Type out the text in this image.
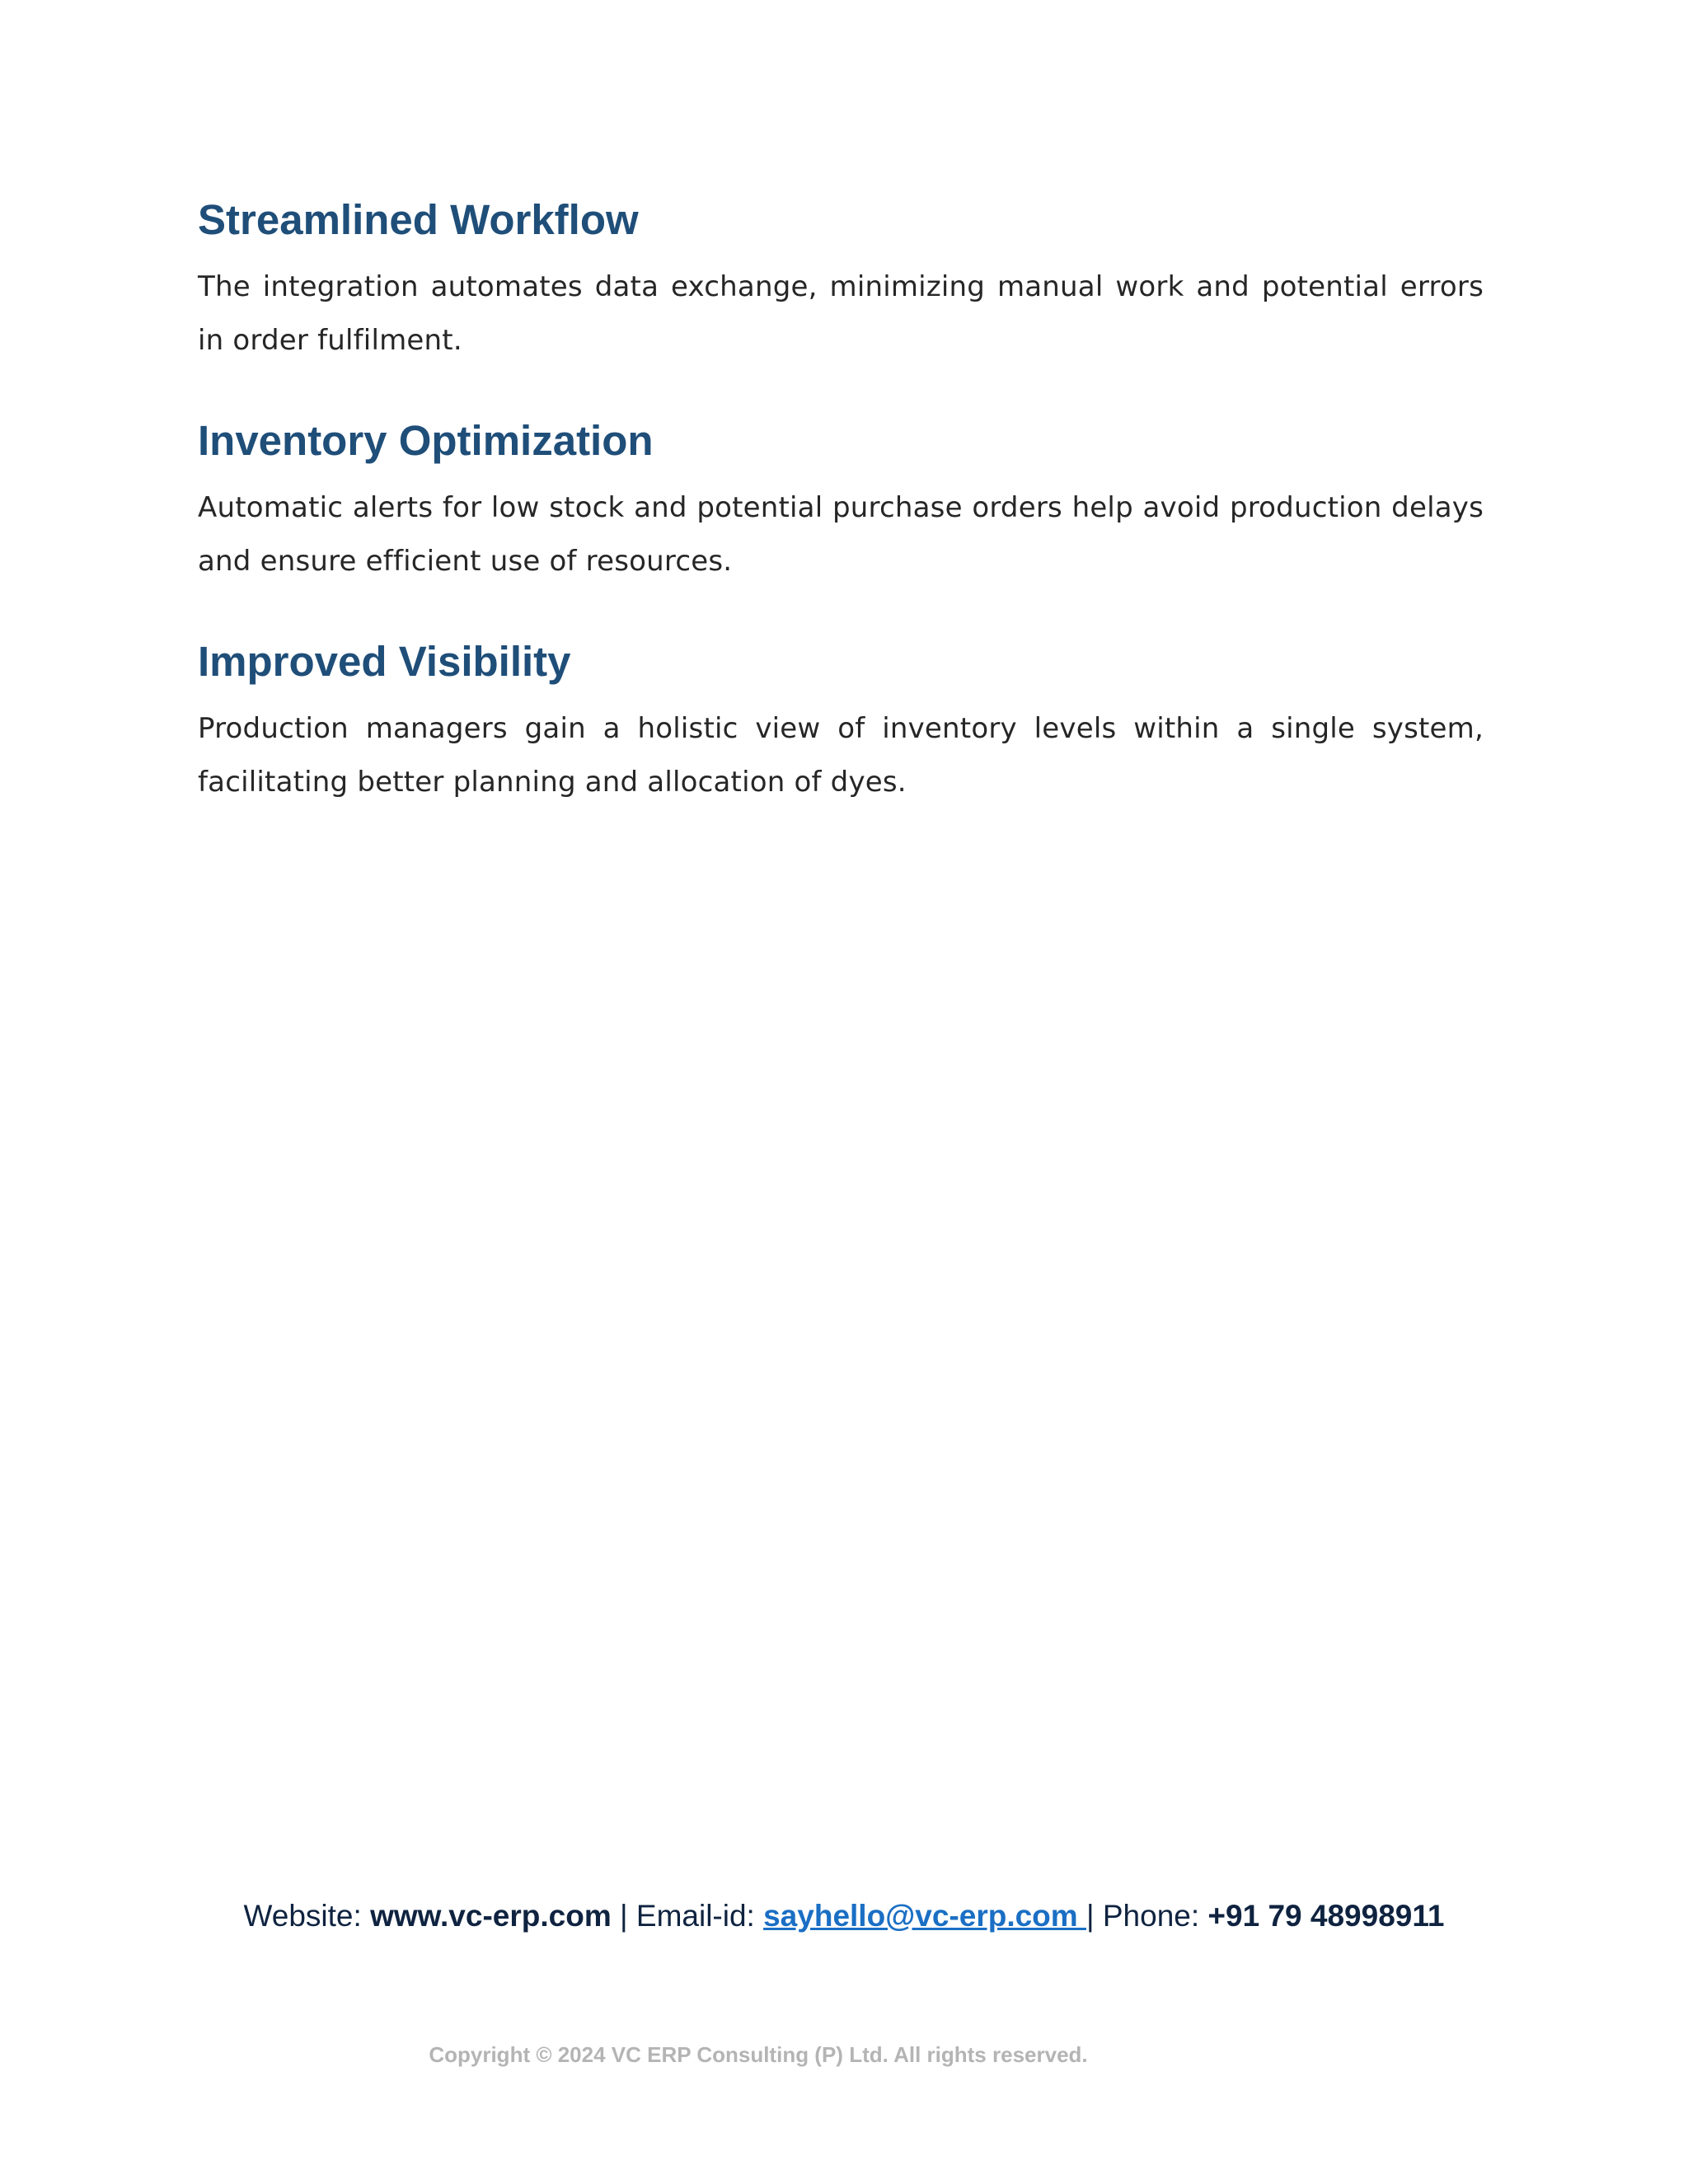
Streamlined Workflow

The integration automates data exchange, minimizing manual work and potential errors in order fulfilment.

Inventory Optimization

Automatic alerts for low stock and potential purchase orders help avoid production delays and ensure efficient use of resources.

Improved Visibility

Production managers gain a holistic view of inventory levels within a single system, facilitating better planning and allocation of dyes.

Website: www.vc-erp.com | Email-id: sayhello@vc-erp.com | Phone: +91 79 48998911
Copyright © 2024 VC ERP Consulting (P) Ltd. All rights reserved.
